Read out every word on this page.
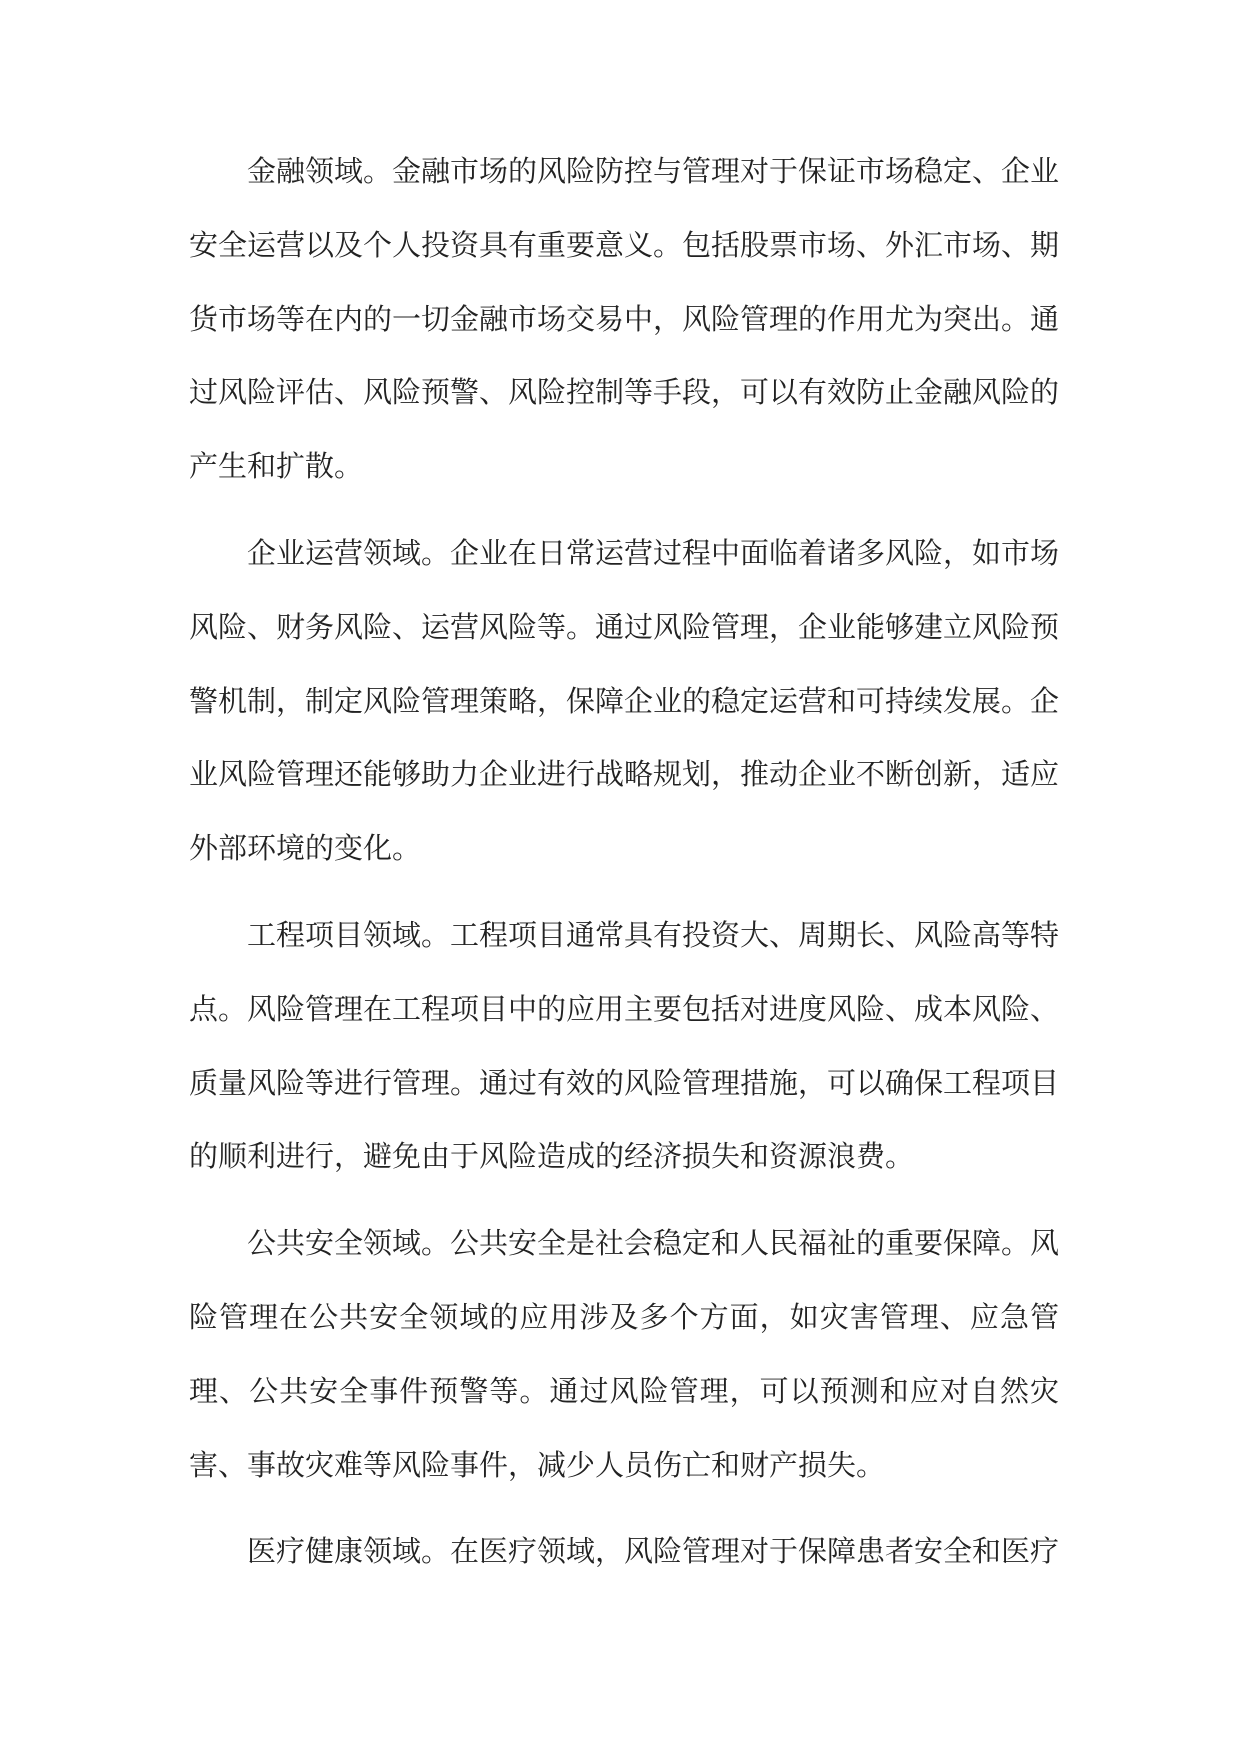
金融领域。金融市场的风险防控与管理对于保证市场稳定、企业安全运营以及个人投资具有重要意义。包括股票市场、外汇市场、期货市场等在内的一切金融市场交易中，风险管理的作用尤为突出。通过风险评估、风险预警、风险控制等手段，可以有效防止金融风险的产生和扩散。

企业运营领域。企业在日常运营过程中面临着诸多风险，如市场风险、财务风险、运营风险等。通过风险管理，企业能够建立风险预警机制，制定风险管理策略，保障企业的稳定运营和可持续发展。企业风险管理还能够助力企业进行战略规划，推动企业不断创新，适应外部环境的变化。

工程项目领域。工程项目通常具有投资大、周期长、风险高等特点。风险管理在工程项目中的应用主要包括对进度风险、成本风险、质量风险等进行管理。通过有效的风险管理措施，可以确保工程项目的顺利进行，避免由于风险造成的经济损失和资源浪费。

公共安全领域。公共安全是社会稳定和人民福祉的重要保障。风险管理在公共安全领域的应用涉及多个方面，如灾害管理、应急管理、公共安全事件预警等。通过风险管理，可以预测和应对自然灾害、事故灾难等风险事件，减少人员伤亡和财产损失。

医疗健康领域。在医疗领域，风险管理对于保障患者安全和医疗
